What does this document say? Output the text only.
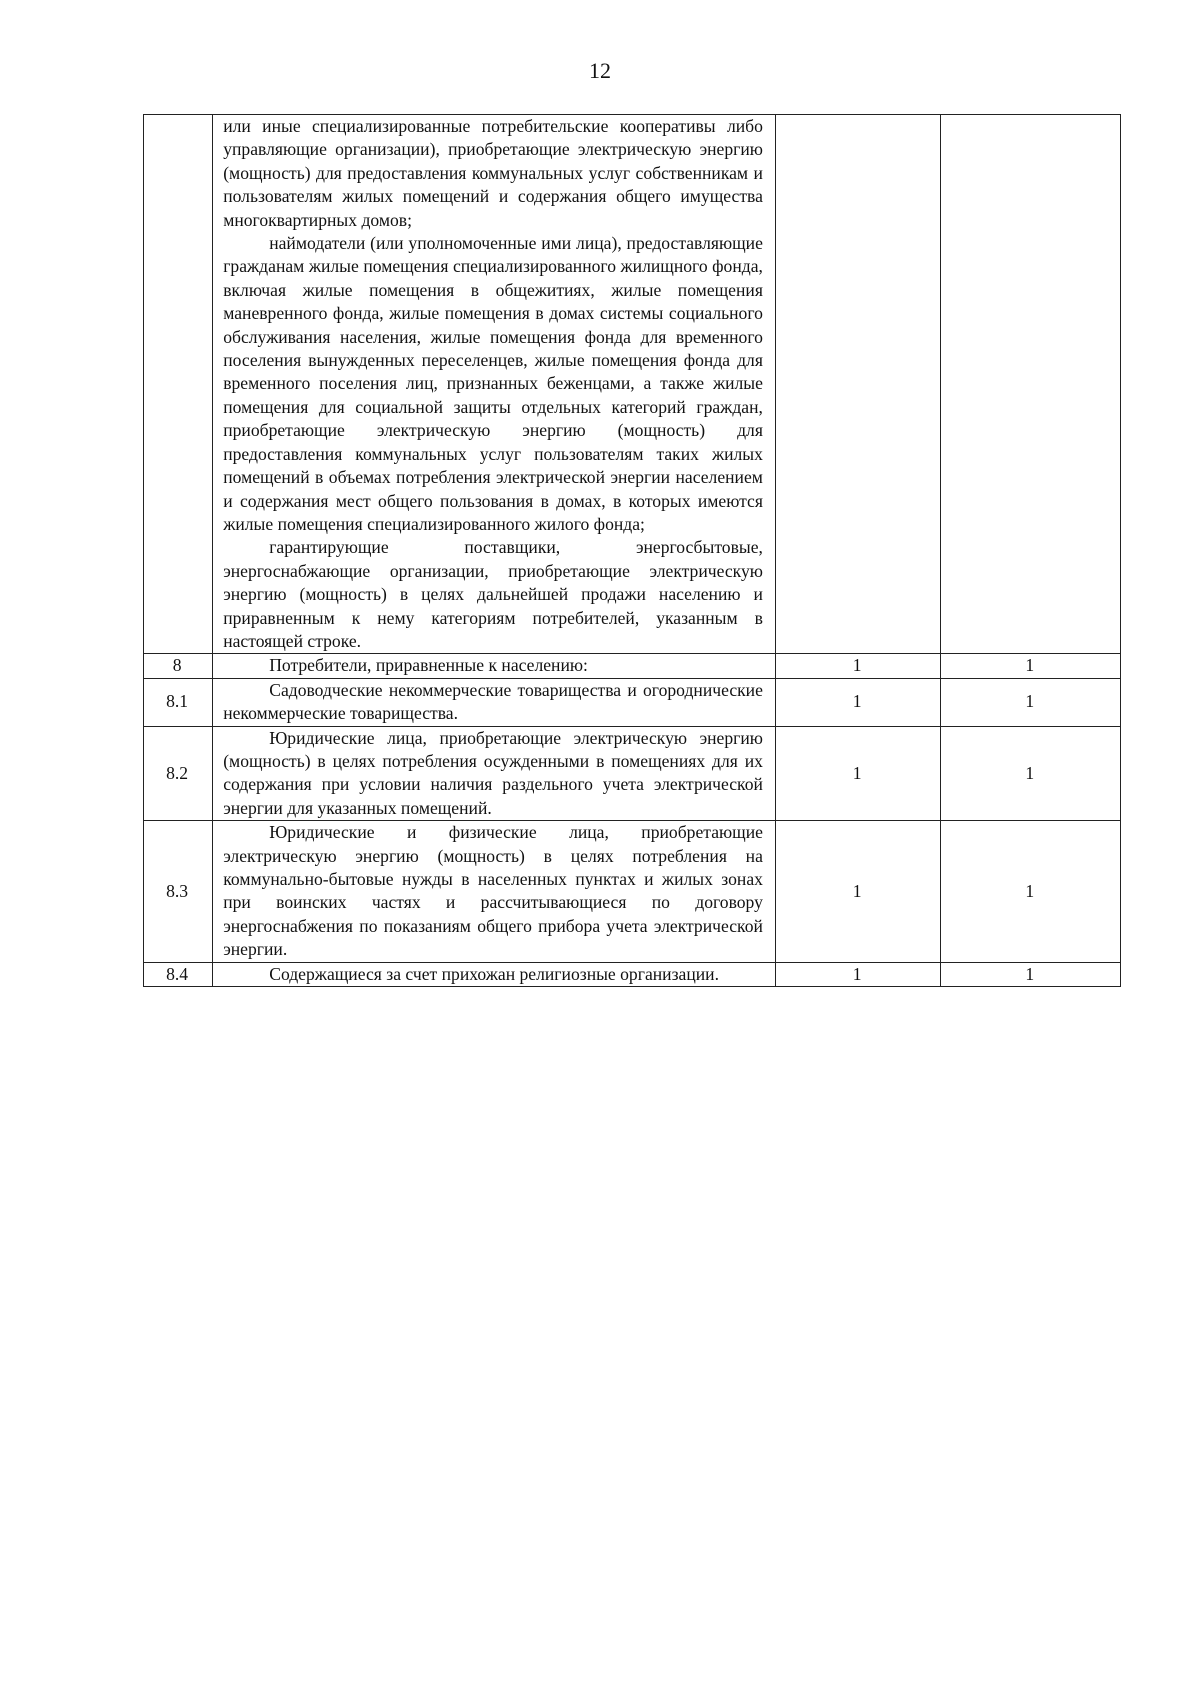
12

	или иные специализированные потребительские кооперативы либо управляющие организации), приобретающие электрическую энергию (мощность) для предоставления коммунальных услуг собственникам и пользователям жилых помещений и содержания общего имущества многоквартирных домов;
наймодатели (или уполномоченные ими лица), предоставляющие гражданам жилые помещения специализированного жилищного фонда, включая жилые помещения в общежитиях, жилые помещения маневренного фонда, жилые помещения в домах системы социального обслуживания населения, жилые помещения фонда для временного поселения вынужденных переселенцев, жилые помещения фонда для временного поселения лиц, признанных беженцами, а также жилые помещения для социальной защиты отдельных категорий граждан, приобретающие электрическую энергию (мощность) для предоставления коммунальных услуг пользователям таких жилых помещений в объемах потребления электрической энергии населением и содержания мест общего пользования в домах, в которых имеются жилые помещения специализированного жилого фонда;
гарантирующие поставщики, энергосбытовые, энергоснабжающие организации, приобретающие электрическую энергию (мощность) в целях дальнейшей продажи населению и приравненным к нему категориям потребителей, указанным в настоящей строке.		

8	Потребители, приравненные к населению:	1	1
8.1	Садоводческие некоммерческие товарищества и огороднические некоммерческие товарищества.	1	1
8.2	Юридические лица, приобретающие электрическую энергию (мощность) в целях потребления осужденными в помещениях для их содержания при условии наличия раздельного учета электрической энергии для указанных помещений.	1	1
8.3	Юридические и физические лица, приобретающие электрическую энергию (мощность) в целях потребления на коммунально-бытовые нужды в населенных пунктах и жилых зонах при воинских частях и рассчитывающиеся по договору энергоснабжения по показаниям общего прибора учета электрической энергии.	1	1
8.4	Содержащиеся за счет прихожан религиозные организации.	1	1
